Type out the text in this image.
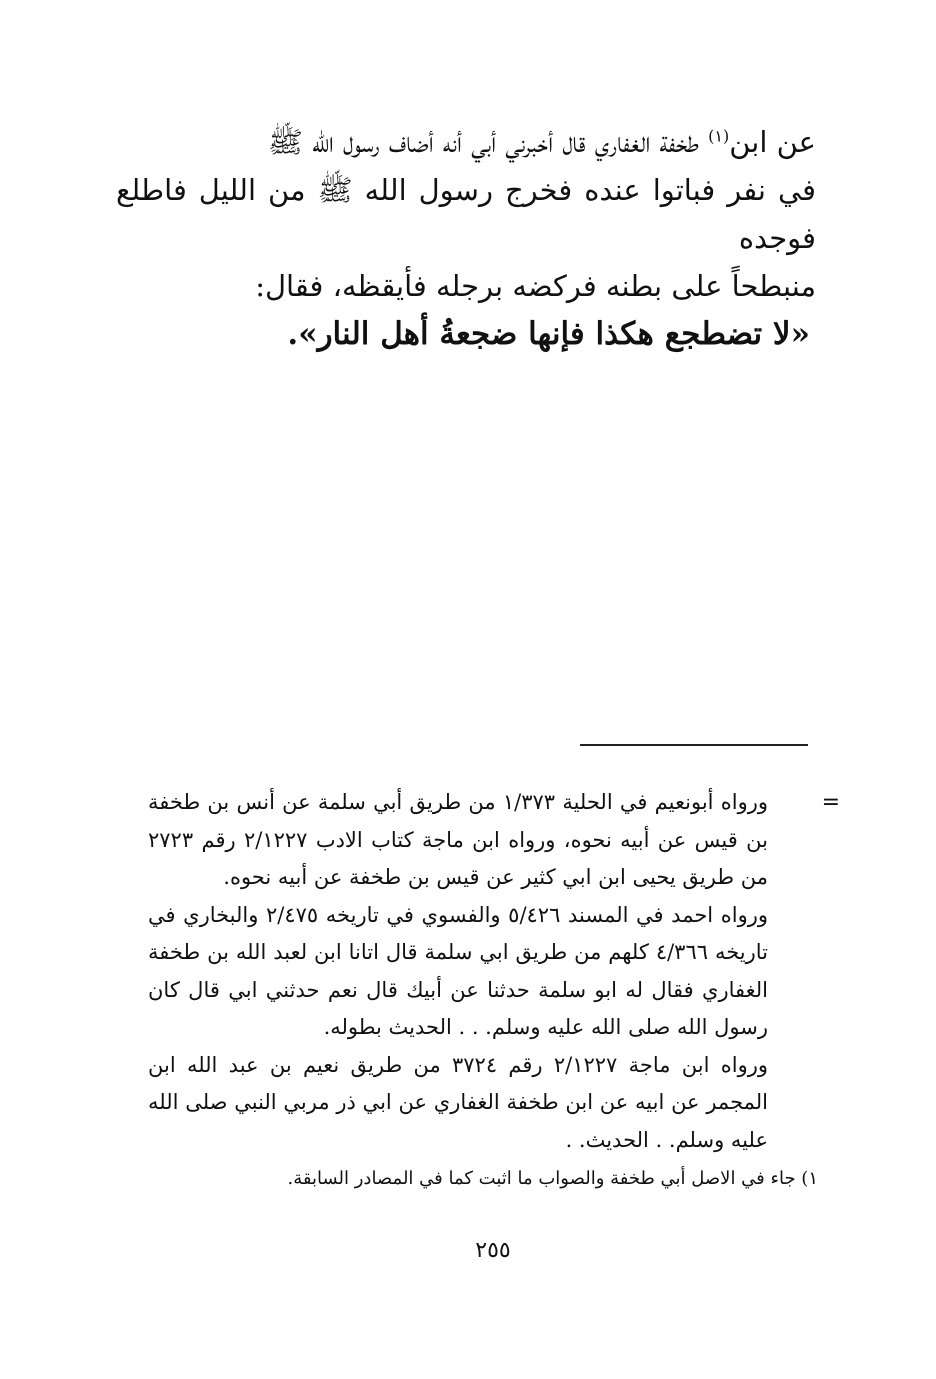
عن ابن$^{(١)}$ طخفة الغفاري قال أخبرني أبي أنه أضاف رسول الله ﷺ

في نفر فباتوا عنده فخرج رسول الله ﷺ من الليل فاطلع فوجده

منبطحاً على بطنه فركضه برجله فأيقظه، فقال:

«لا تضطجع هكذا فإنها ضجعةُ أهل النار».

=

ورواه أبونعيم في الحلية ١/٣٧٣ من طريق أبي سلمة عن أنس بن طخفة بن قيس عن أبيه نحوه، ورواه ابن ماجة كتاب الادب ٢/١٢٢٧ رقم ٢٧٢٣ من طريق يحيى ابن ابي كثير عن قيس بن طخفة عن أبيه نحوه.

ورواه احمد في المسند ٥/٤٢٦ والفسوي في تاريخه ٢/٤٧٥ والبخاري في تاريخه ٤/٣٦٦ كلهم من طريق ابي سلمة قال اتانا ابن لعبد الله بن طخفة الغفاري فقال له ابو سلمة حدثنا عن أبيك قال نعم حدثني ابي قال كان رسول الله صلى الله عليه وسلم. . . الحديث بطوله.

ورواه ابن ماجة ٢/١٢٢٧ رقم ٣٧٢٤ من طريق نعيم بن عبد الله ابن المجمر عن ابيه عن ابن طخفة الغفاري عن ابي ذر مربي النبي صلى الله عليه وسلم. . الحديث. .

١) جاء في الاصل أبي طخفة والصواب ما اثبت كما في المصادر السابقة.
٢٥٥
